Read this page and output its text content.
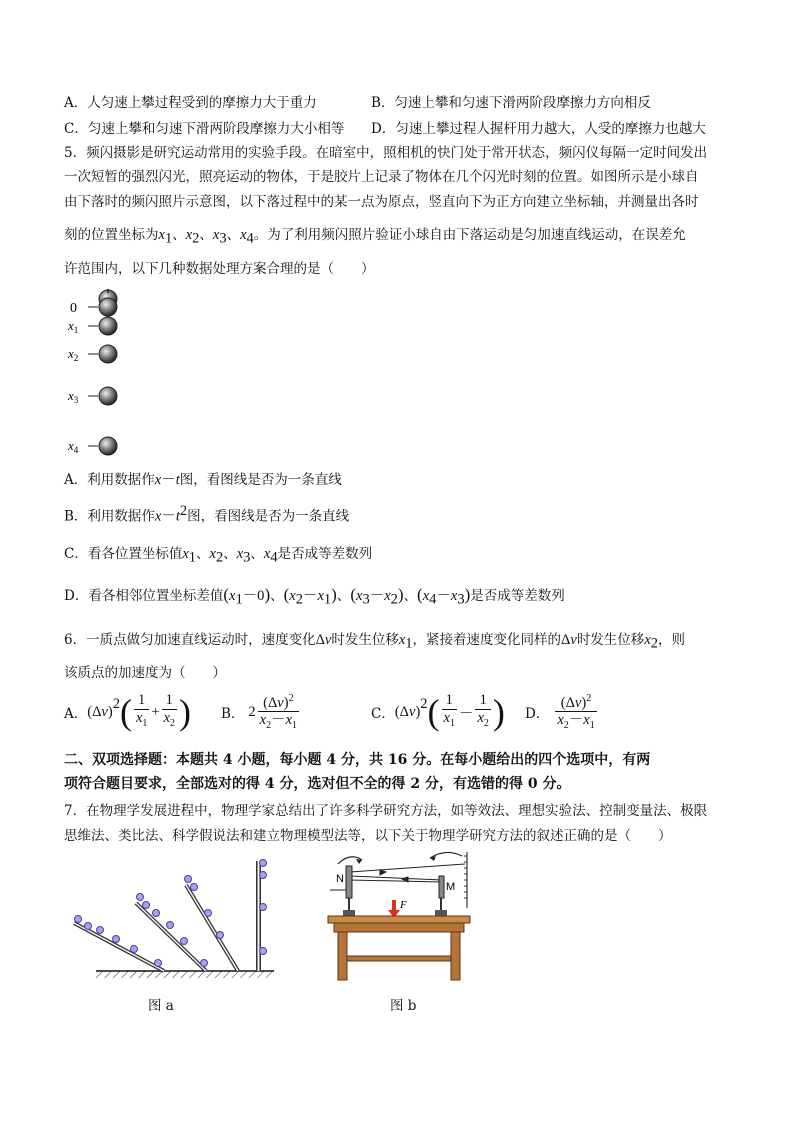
A．人匀速上攀过程受到的摩擦力大于重力	B．匀速上攀和匀速下滑两阶段摩擦力方向相反
C．匀速上攀和匀速下滑两阶段摩擦力大小相等 D．匀速上攀过程人握杆用力越大，人受的摩擦力也越大
5．频闪摄影是研究运动常用的实验手段。在暗室中，照相机的快门处于常开状态，频闪仪每隔一定时间发出
一次短暂的强烈闪光，照亮运动的物体，于是胶片上记录了物体在几个闪光时刻的位置。如图所示是小球自
由下落时的频闪照片示意图，以下落过程中的某一点为原点，竖直向下为正方向建立坐标轴，并测量出各时
刻的位置坐标为$x_1$、$x_2$、$x_3$、$x_4$。为了利用频闪照片验证小球自由下落运动是匀加速直线运动，在误差允
许范围内，以下几种数据处理方案合理的是（　　）
0
$x_1$
$x_2$
$x_3$
$x_4$
A．利用数据作x－t图，看图线是否为一条直线
B．利用数据作$x-t^2$图，看图线是否为一条直线
C．看各位置坐标值$x_1$、$x_2$、$x_3$、$x_4$是否成等差数列
D．看各相邻位置坐标差值$(x_1-0)$、$(x_2-x_1)$、$(x_3-x_2)$、$(x_4-x_3)$是否成等差数列
6．一质点做匀加速直线运动时，速度变化Δv时发生位移$x_1$，紧接着速度变化同样的Δv时发生位移$x_2$，则
该质点的加速度为（　　）
A． (Δ v )$^2$ ( $\frac{1}{x_1} + \frac{1}{x_2}$ ) B． $2 \frac{(\Delta v)^2}{x_2-x_1}$	C． (Δ v )$^2$ ( $\frac{1}{x_1} - \frac{1}{x_2}$ ) D． $\frac{(\Delta v)^2}{x_2-x_1}$
二、双项选择题：本题共 4 小题，每小题 4 分，共 16 分。在每小题给出的四个选项中，有两
项符合题目要求，全部选对的得 4 分，选对但不全的得 2 分，有选错的得 0 分。
7．在物理学发展进程中，物理学家总结出了许多科学研究方法，如等效法、理想实验法、控制变量法、极限
思维法、类比法、科学假说法和建立物理模型法等，以下关于物理学研究方法的叙述正确的是（　　）
图 a
N
M
F
图 b
